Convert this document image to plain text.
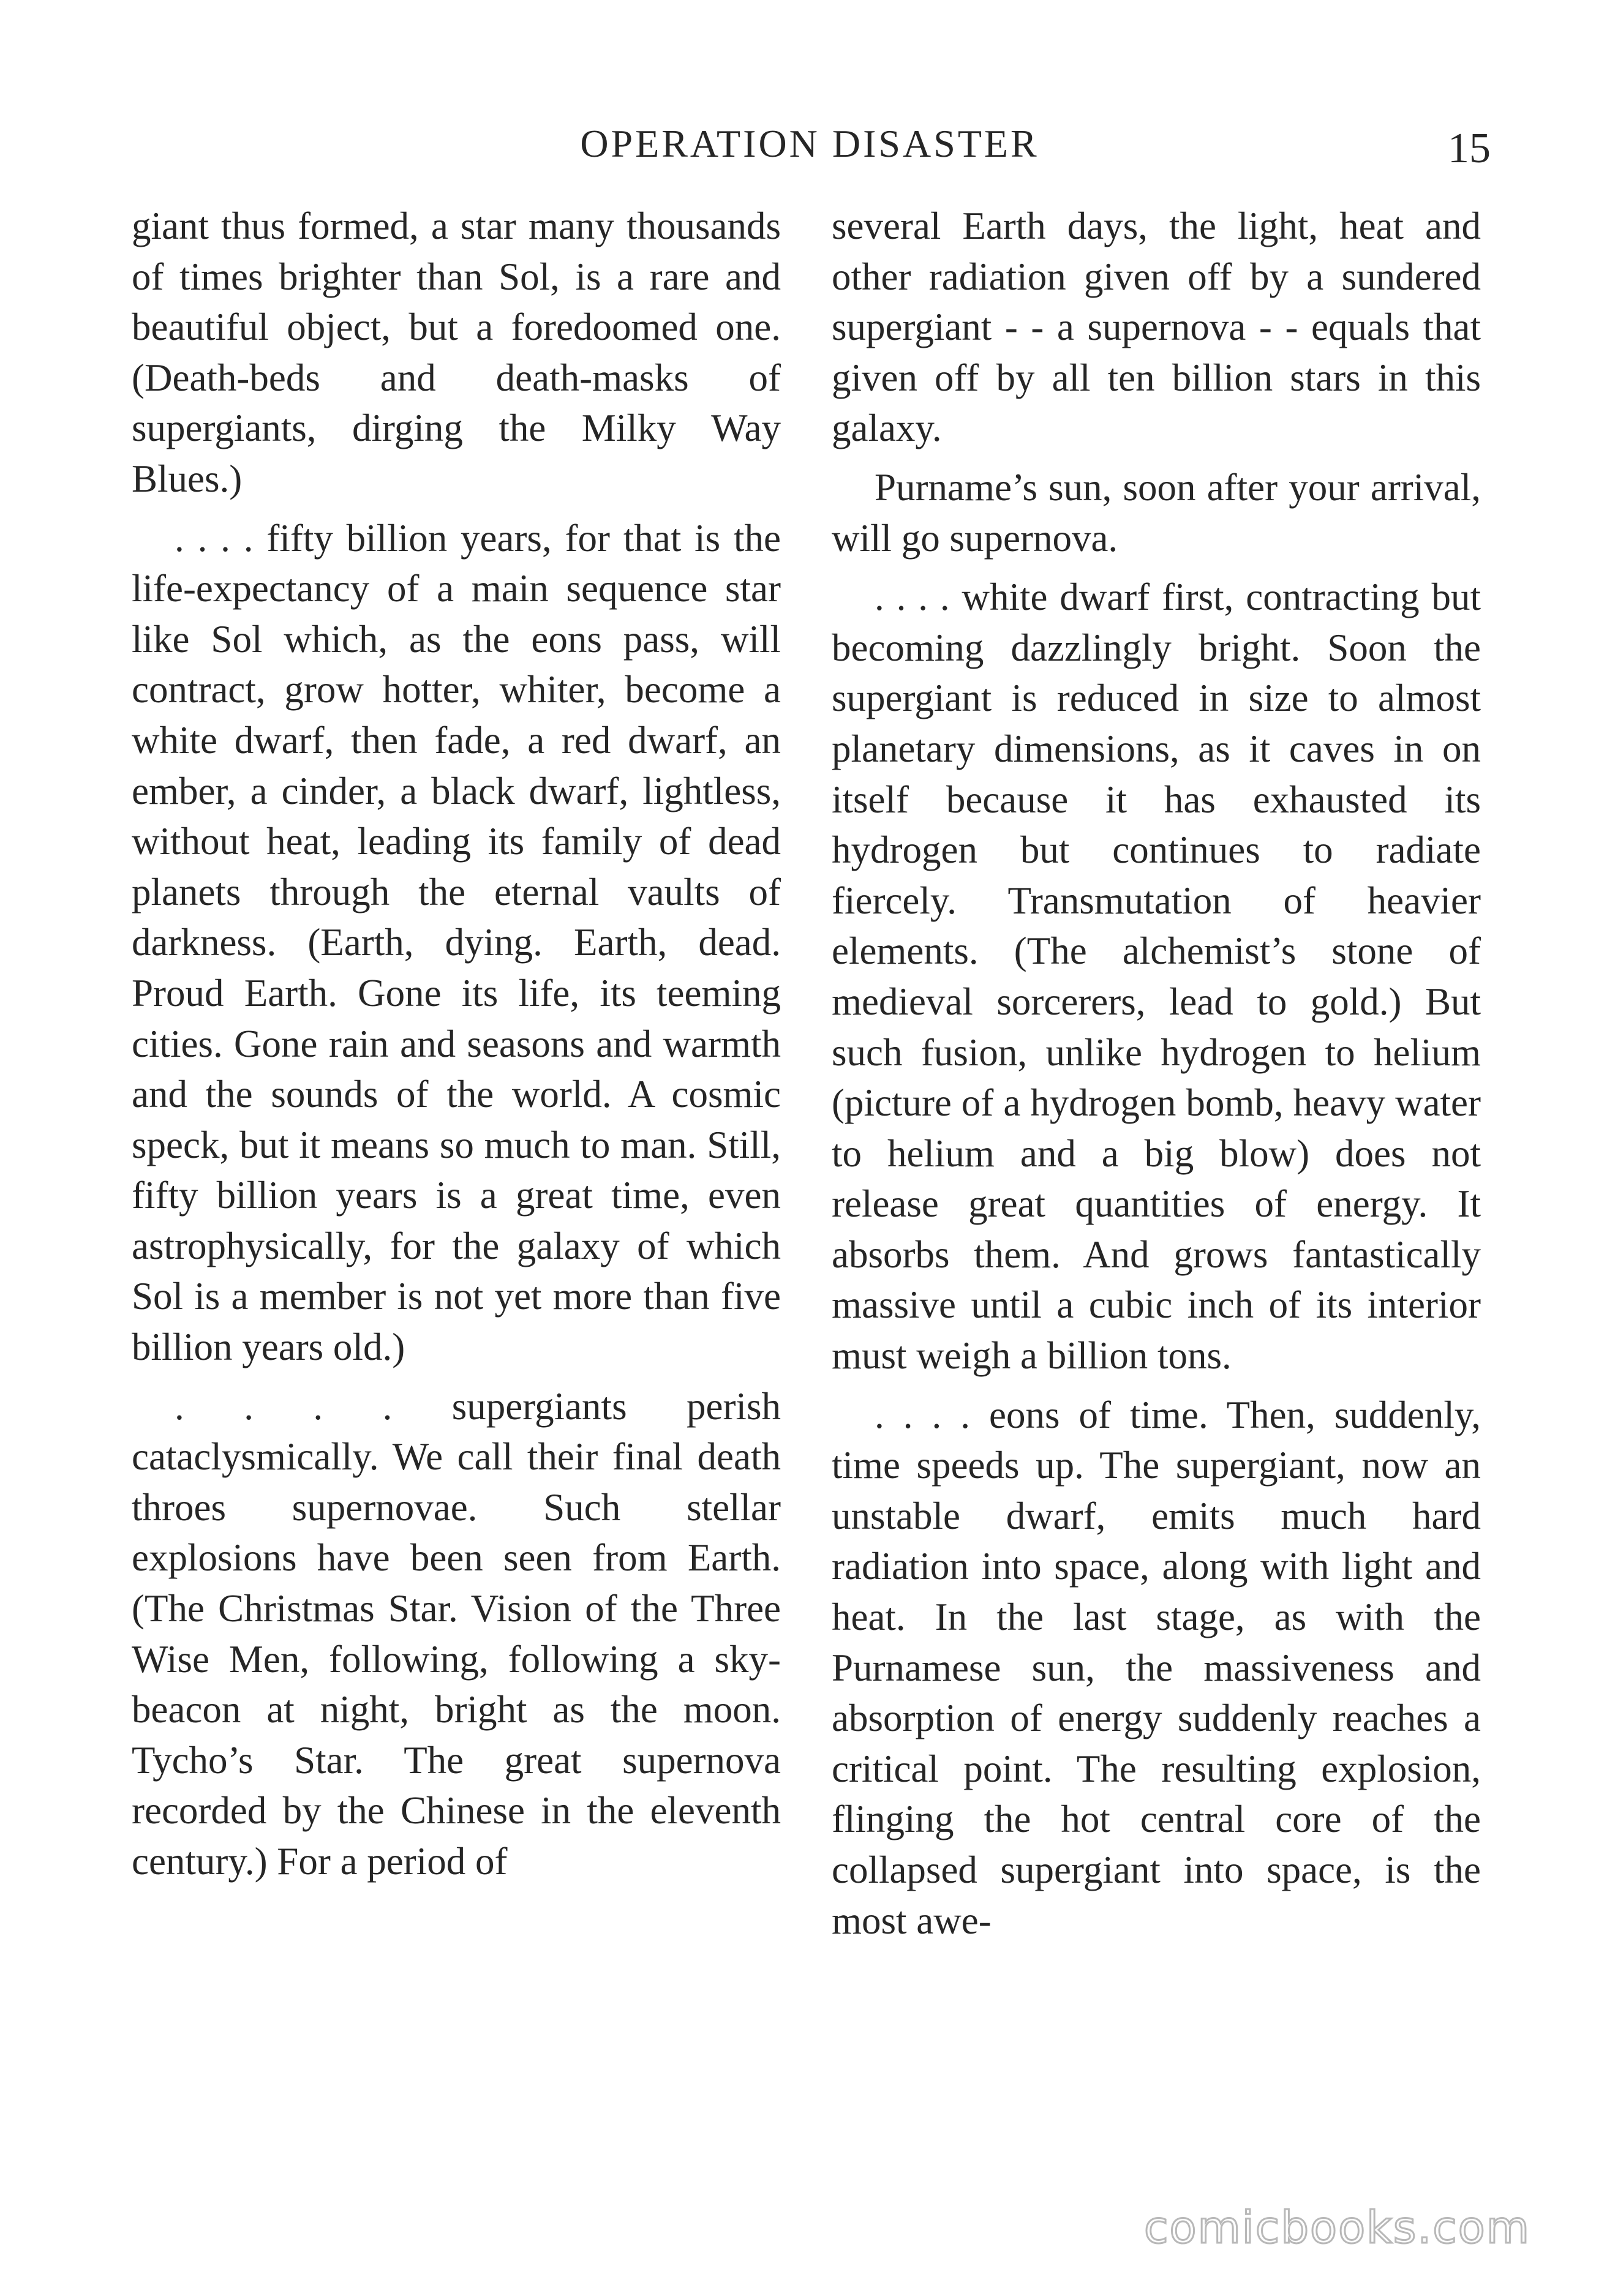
OPERATION DISASTER	15

giant thus formed, a star many thousands of times brighter than Sol, is a rare and beautiful object, but a foredoomed one. (Death-beds and death-masks of supergiants, dirging the Milky Way Blues.)

. . . . fifty billion years, for that is the life-expectancy of a main sequence star like Sol which, as the eons pass, will contract, grow hotter, whiter, become a white dwarf, then fade, a red dwarf, an ember, a cinder, a black dwarf, lightless, without heat, leading its family of dead planets through the eternal vaults of darkness. (Earth, dying. Earth, dead. Proud Earth. Gone its life, its teeming cities. Gone rain and seasons and warmth and the sounds of the world. A cosmic speck, but it means so much to man. Still, fifty billion years is a great time, even astrophysically, for the galaxy of which Sol is a member is not yet more than five billion years old.)

. . . . supergiants perish cataclysmically. We call their final death throes supernovae. Such stellar explosions have been seen from Earth. (The Christmas Star. Vision of the Three Wise Men, following, following a sky-beacon at night, bright as the moon. Tycho’s Star. The great supernova recorded by the Chinese in the eleventh century.) For a period of

several Earth days, the light, heat and other radiation given off by a sundered supergiant - - a supernova - - equals that given off by all ten billion stars in this galaxy.

Purname’s sun, soon after your arrival, will go supernova.

. . . . white dwarf first, contracting but becoming dazzlingly bright. Soon the supergiant is reduced in size to almost planetary dimensions, as it caves in on itself because it has exhausted its hydrogen but continues to radiate fiercely. Transmutation of heavier elements. (The alchemist’s stone of medieval sorcerers, lead to gold.) But such fusion, unlike hydrogen to helium (picture of a hydrogen bomb, heavy water to helium and a big blow) does not release great quantities of energy. It absorbs them. And grows fantastically massive until a cubic inch of its interior must weigh a billion tons.

. . . . eons of time. Then, suddenly, time speeds up. The supergiant, now an unstable dwarf, emits much hard radiation into space, along with light and heat. In the last stage, as with the Purnamese sun, the massiveness and absorption of energy suddenly reaches a critical point. The resulting explosion, flinging the hot central core of the collapsed supergiant into space, is the most awe-

comicbooks.com
